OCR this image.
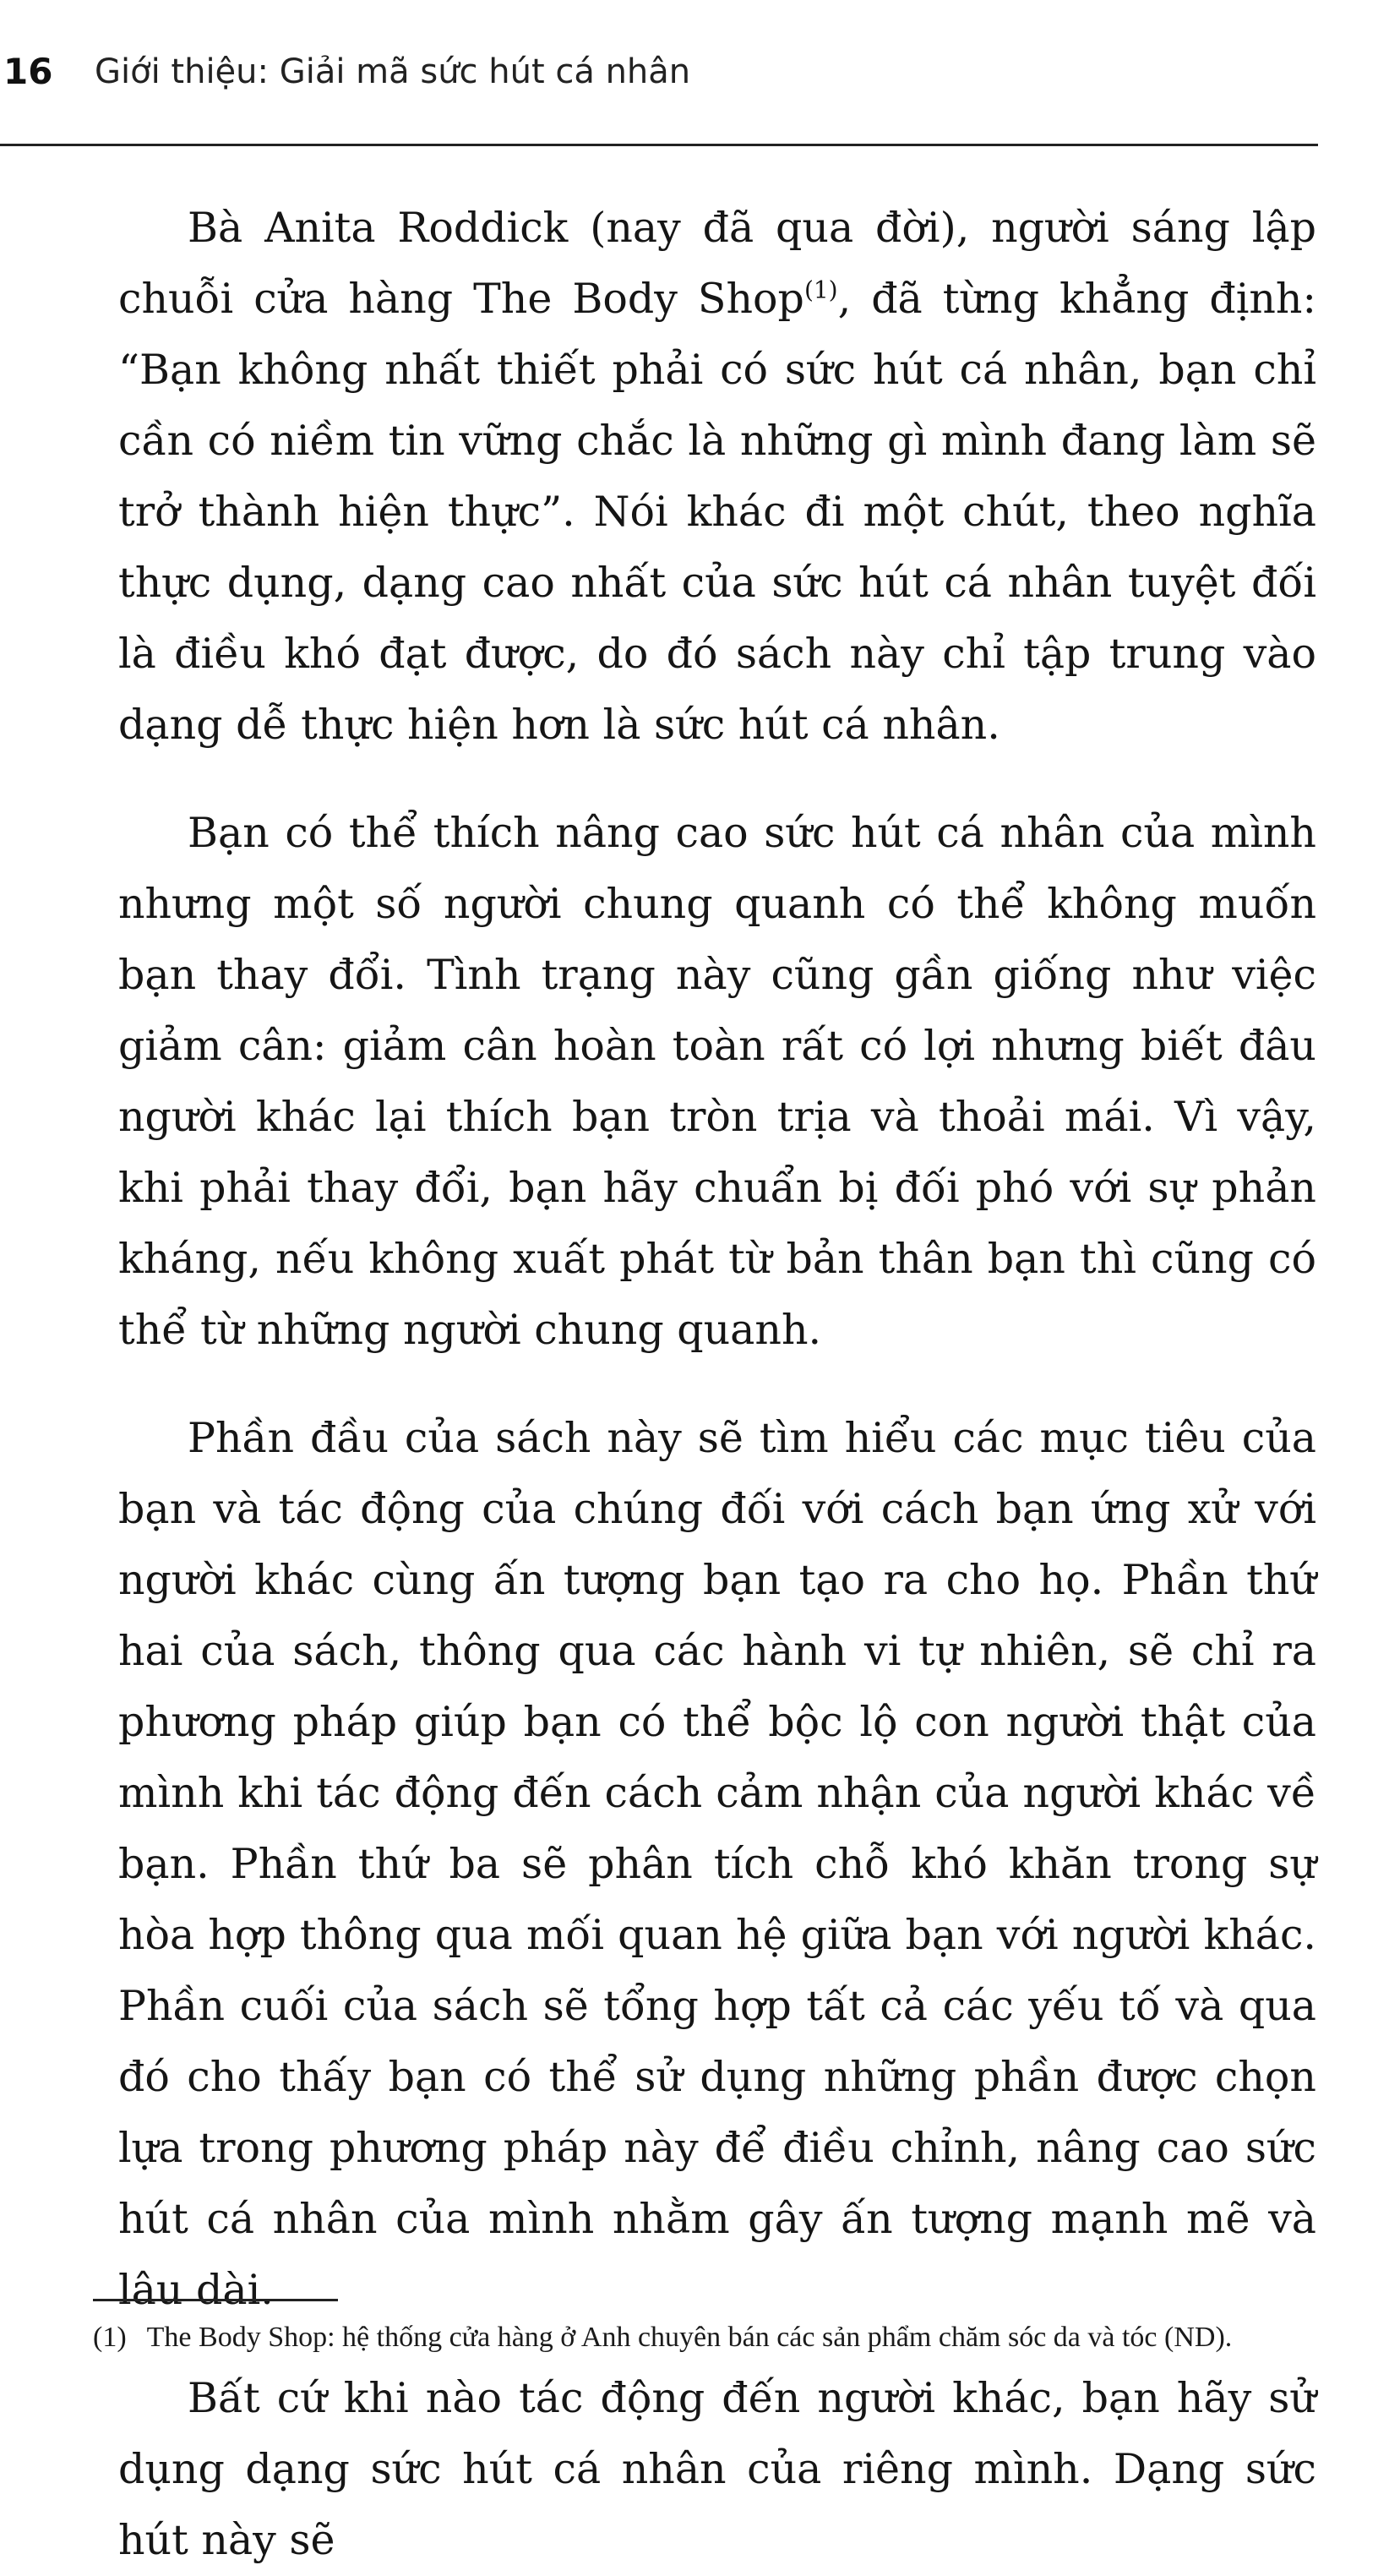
16 Giới thiệu: Giải mã sức hút cá nhân

Bà Anita Roddick (nay đã qua đời), người sáng lập chuỗi cửa hàng The Body Shop$^{(1)}$, đã từng khẳng định: “Bạn không nhất thiết phải có sức hút cá nhân, bạn chỉ cần có niềm tin vững chắc là những gì mình đang làm sẽ trở thành hiện thực”. Nói khác đi một chút, theo nghĩa thực dụng, dạng cao nhất của sức hút cá nhân tuyệt đối là điều khó đạt được, do đó sách này chỉ tập trung vào dạng dễ thực hiện hơn là sức hút cá nhân.

Bạn có thể thích nâng cao sức hút cá nhân của mình nhưng một số người chung quanh có thể không muốn bạn thay đổi. Tình trạng này cũng gần giống như việc giảm cân: giảm cân hoàn toàn rất có lợi nhưng biết đâu người khác lại thích bạn tròn trịa và thoải mái. Vì vậy, khi phải thay đổi, bạn hãy chuẩn bị đối phó với sự phản kháng, nếu không xuất phát từ bản thân bạn thì cũng có thể từ những người chung quanh.

Phần đầu của sách này sẽ tìm hiểu các mục tiêu của bạn và tác động của chúng đối với cách bạn ứng xử với người khác cùng ấn tượng bạn tạo ra cho họ. Phần thứ hai của sách, thông qua các hành vi tự nhiên, sẽ chỉ ra phương pháp giúp bạn có thể bộc lộ con người thật của mình khi tác động đến cách cảm nhận của người khác về bạn. Phần thứ ba sẽ phân tích chỗ khó khăn trong sự hòa hợp thông qua mối quan hệ giữa bạn với người khác. Phần cuối của sách sẽ tổng hợp tất cả các yếu tố và qua đó cho thấy bạn có thể sử dụng những phần được chọn lựa trong phương pháp này để điều chỉnh, nâng cao sức hút cá nhân của mình nhằm gây ấn tượng mạnh mẽ và lâu dài.

Bất cứ khi nào tác động đến người khác, bạn hãy sử dụng dạng sức hút cá nhân của riêng mình. Dạng sức hút này sẽ

(1) The Body Shop: hệ thống cửa hàng ở Anh chuyên bán các sản phẩm chăm sóc da và tóc (ND).
